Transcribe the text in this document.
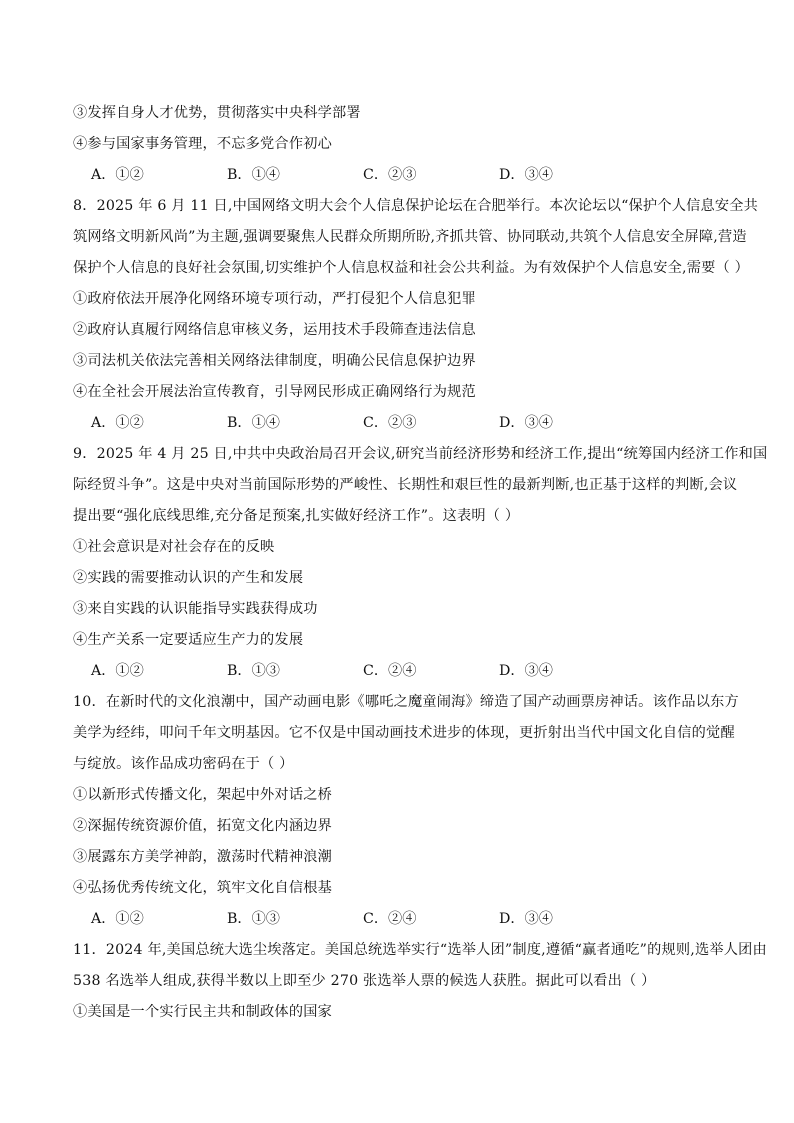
③发挥自身人才优势，贯彻落实中央科学部署
④参与国家事务管理，不忘多党合作初心
A．①②	B．①④	C．②③	D．③④
8．2025 年 6 月 11 日,中国网络文明大会个人信息保护论坛在合肥举行。本次论坛以“保护个人信息安全共
筑网络文明新风尚”为主题,强调要聚焦人民群众所期所盼,齐抓共管、协同联动,共筑个人信息安全屏障,营造
保护个人信息的良好社会氛围,切实维护个人信息权益和社会公共利益。为有效保护个人信息安全,需要（ ）
①政府依法开展净化网络环境专项行动，严打侵犯个人信息犯罪
②政府认真履行网络信息审核义务，运用技术手段筛查违法信息
③司法机关依法完善相关网络法律制度，明确公民信息保护边界
④在全社会开展法治宣传教育，引导网民形成正确网络行为规范
A．①②	B．①④	C．②③	D．③④
9．2025 年 4 月 25 日,中共中央政治局召开会议,研究当前经济形势和经济工作,提出“统筹国内经济工作和国
际经贸斗争”。这是中央对当前国际形势的严峻性、长期性和艰巨性的最新判断,也正基于这样的判断,会议
提出要“强化底线思维,充分备足预案,扎实做好经济工作”。这表明（ ）
①社会意识是对社会存在的反映
②实践的需要推动认识的产生和发展
③来自实践的认识能指导实践获得成功
④生产关系一定要适应生产力的发展
A．①②	B．①③	C．②④	D．③④
10．在新时代的文化浪潮中，国产动画电影《哪吒之魔童闹海》缔造了国产动画票房神话。该作品以东方
美学为经纬，叩问千年文明基因。它不仅是中国动画技术进步的体现，更折射出当代中国文化自信的觉醒
与绽放。该作品成功密码在于（ ）
①以新形式传播文化，架起中外对话之桥
②深掘传统资源价值，拓宽文化内涵边界
③展露东方美学神韵，激荡时代精神浪潮
④弘扬优秀传统文化，筑牢文化自信根基
A．①②	B．①③	C．②④	D．③④
11．2024 年,美国总统大选尘埃落定。美国总统选举实行“选举人团”制度,遵循“赢者通吃”的规则,选举人团由
538 名选举人组成,获得半数以上即至少 270 张选举人票的候选人获胜。据此可以看出（ ）
①美国是一个实行民主共和制政体的国家
